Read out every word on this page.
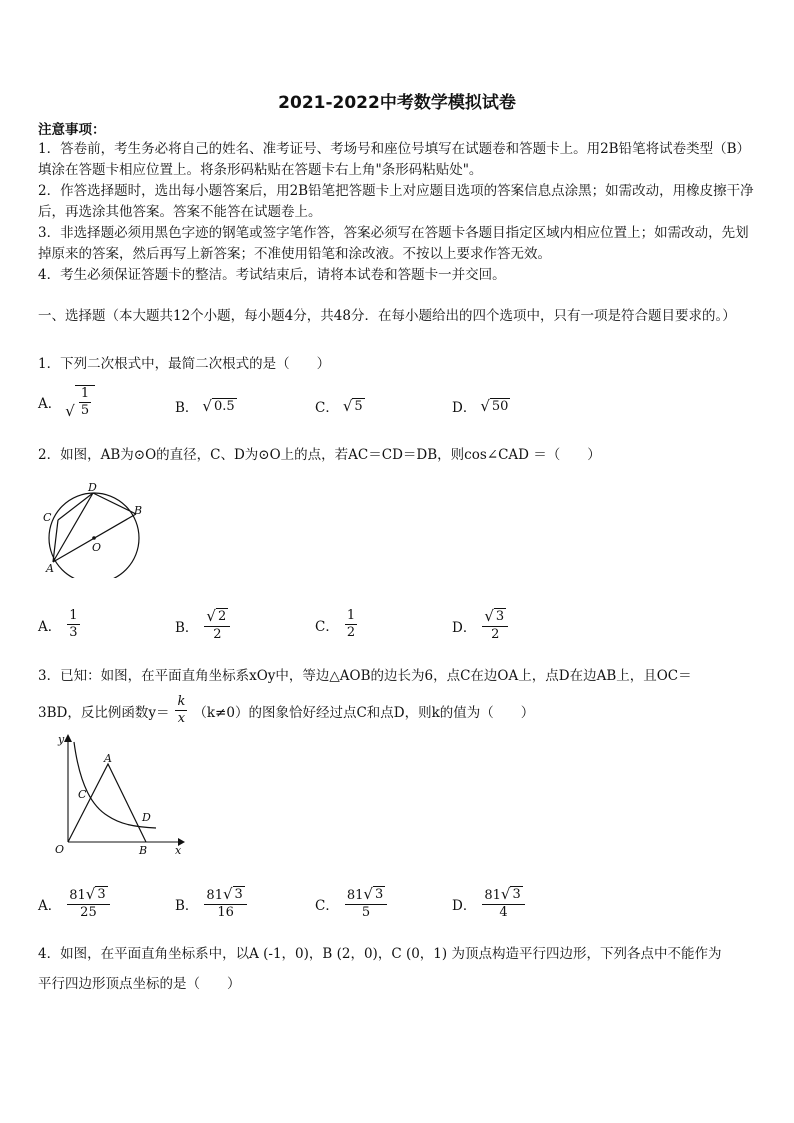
2021-2022中考数学模拟试卷
注意事项：
1．答卷前，考生务必将自己的姓名、准考证号、考场号和座位号填写在试题卷和答题卡上。用2B铅笔将试卷类型（B）填涂在答题卡相应位置上。将条形码粘贴在答题卡右上角"条形码粘贴处"。
2．作答选择题时，选出每小题答案后，用2B铅笔把答题卡上对应题目选项的答案信息点涂黑；如需改动，用橡皮擦干净后，再选涂其他答案。答案不能答在试题卷上。
3．非选择题必须用黑色字迹的钢笔或签字笔作答，答案必须写在答题卡各题目指定区域内相应位置上；如需改动，先划掉原来的答案，然后再写上新答案；不准使用铅笔和涂改液。不按以上要求作答无效。
4．考生必须保证答题卡的整洁。考试结束后，请将本试卷和答题卡一并交回。
一、选择题（本大题共12个小题，每小题4分，共48分．在每小题给出的四个选项中，只有一项是符合题目要求的。）
1．下列二次根式中，最简二次根式的是（　　）
A． √ $\frac{1}{5}$	B． √ 0.5	C． √ 5	D． √ 50
2．如图，AB为⊙O的直径，C、D为⊙O上的点，若AC＝CD＝DB，则cos∠CAD ＝（　　）
D
B
C
O
A
A． $\frac{1}{3}$	B． $\frac{√ 2}{2}$	C． $\frac{1}{2}$	D． $\frac{√ 3}{2}$
3．已知：如图，在平面直角坐标系xOy中，等边△AOB的边长为6，点C在边OA上，点D在边AB上，且OC＝
3BD，反比例函数$y= \frac{k}{x} (k\ne 0)$的图象恰好经过点C和点D，则k的值为（　　）
y
x
A
C
D
O	B
A． $\frac{81 √ 3}{25}$	B． $\frac{81 √ 3}{16}$	C． $\frac{81 √ 3}{5}$	D． $\frac{81 √ 3}{4}$
4．如图，在平面直角坐标系中，以A (-1，0)，B (2，0)，C (0，1) 为顶点构造平行四边形，下列各点中不能作为
平行四边形顶点坐标的是（　　）
